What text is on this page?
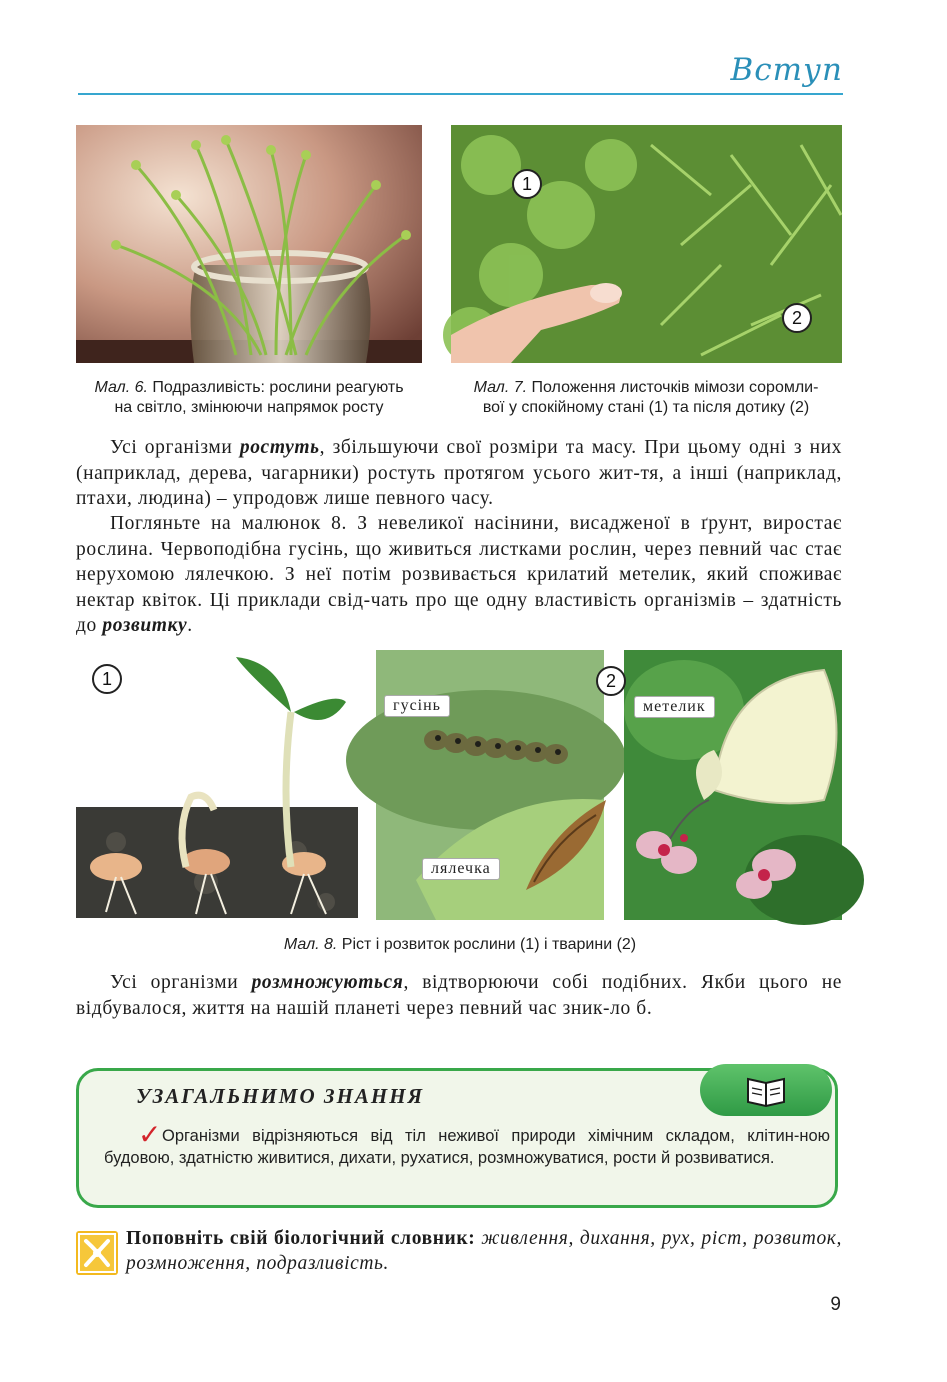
Вступ
1
2
Мал. 6. Подразливість: рослини реагують
на світло, змінюючи напрямок росту
Мал. 7. Положення листочків мімози соромли-
вої у спокійному стані (1) та після дотику (2)
Усі організми ростуть, збільшуючи свої розміри та масу. При цьому одні з них (наприклад, дерева, чагарники) ростуть протягом усього жит-тя, а інші (наприклад, птахи, людина) – упродовж лише певного часу.
Погляньте на малюнок 8. З невеликої насінини, висадженої в ґрунт, виростає рослина. Червоподібна гусінь, що живиться листками рослин, через певний час стає нерухомою лялечкою. З неї потім розвивається крилатий метелик, який споживає нектар квіток. Ці приклади свід-чать про ще одну властивість організмів – здатність до розвитку.
1
гусінь
лялечка
2
метелик
Мал. 8. Ріст і розвиток рослини (1) і тварини (2)
Усі організми розмножуються, відтворюючи собі подібних. Якби цього не відбувалося, життя на нашій планеті через певний час зник-ло б.
УЗАГАЛЬНИМО ЗНАННЯ
✓ Організми відрізняються від тіл неживої природи хімічним складом, клітин-ною будовою, здатністю живитися, дихати, рухатися, розмножуватися, рости й розвиватися.
Поповніть свій біологічний словник: живлення, дихання, рух, ріст, розвиток, розмноження, подразливість.
9
